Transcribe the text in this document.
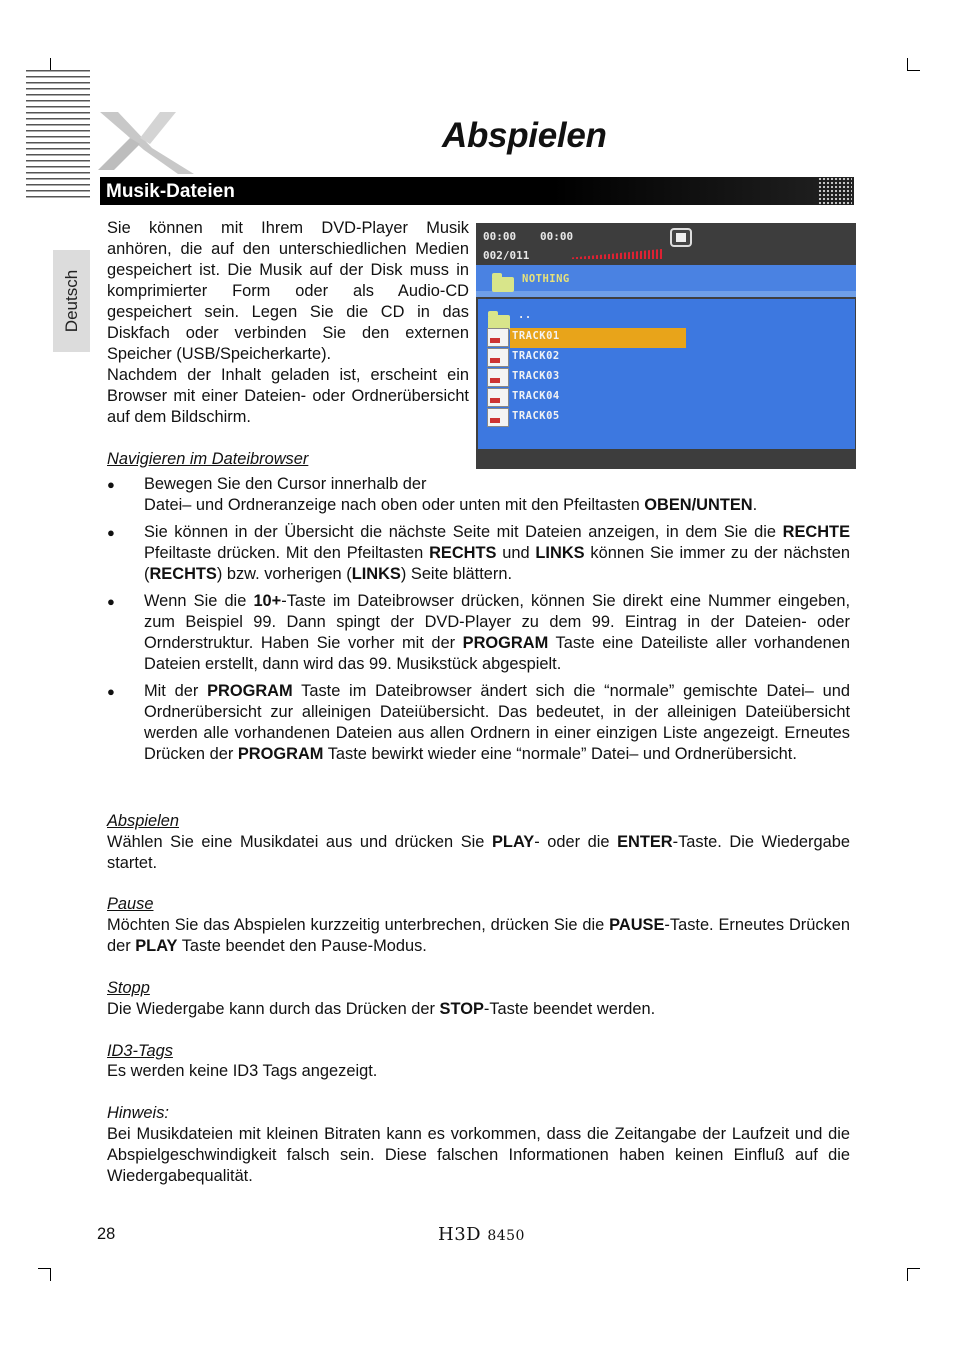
Abspielen
Musik-Dateien
Deutsch

Sie können mit Ihrem DVD-Player Musik anhören, die auf den unterschiedlichen Medien gespeichert ist. Die Musik auf der Disk muss in komprimierter Form oder als Audio-CD gespeichert sein. Legen Sie die CD in das Diskfach oder verbinden Sie den externen Speicher (USB/Speicherkarte).

Nachdem der Inhalt geladen ist, erscheint ein Browser mit einer Dateien- oder Ordnerübersicht auf dem Bildschirm.

00:00 00:00
002/011
NOTHING
..
TRACK01
TRACK02
TRACK03
TRACK04
TRACK05
Navigieren im Dateibrowser
● Bewegen Sie den Cursor innerhalb der
Datei– und Ordneranzeige nach oben oder unten mit den Pfeiltasten OBEN/UNTEN.
● Sie können in der Übersicht die nächste Seite mit Dateien anzeigen, in dem Sie die RECHTE Pfeiltaste drücken. Mit den Pfeiltasten RECHTS und LINKS können Sie immer zu der nächsten (RECHTS) bzw. vorherigen (LINKS) Seite blättern.
● Wenn Sie die 10+-Taste im Dateibrowser drücken, können Sie direkt eine Nummer eingeben, zum Beispiel 99. Dann spingt der DVD-Player zu dem 99. Eintrag in der Dateien- oder Ornderstruktur. Haben Sie vorher mit der PROGRAM Taste eine Dateiliste aller vorhandenen Dateien erstellt, dann wird das 99. Musikstück abgespielt.
● Mit der PROGRAM Taste im Dateibrowser ändert sich die “normale” gemischte Datei– und Ordnerübersicht zur alleinigen Dateiübersicht. Das bedeutet, in der alleinigen Dateiübersicht werden alle vorhandenen Dateien aus allen Ordnern in einer einzigen Liste angezeigt. Erneutes Drücken der PROGRAM Taste bewirkt wieder eine “normale” Datei– und Ordnerübersicht.
Abspielen

Wählen Sie eine Musikdatei aus und drücken Sie PLAY- oder die ENTER-Taste. Die Wiedergabe startet.

Pause

Möchten Sie das Abspielen kurzzeitig unterbrechen, drücken Sie die PAUSE-Taste. Erneutes Drücken der PLAY Taste beendet den Pause-Modus.

Stopp

Die Wiedergabe kann durch das Drücken der STOP-Taste beendet werden.

ID3-Tags

Es werden keine ID3 Tags angezeigt.

Hinweis:

Bei Musikdateien mit kleinen Bitraten kann es vorkommen, dass die Zeitangabe der Laufzeit und die Abspielgeschwindigkeit falsch sein. Diese falschen Informationen haben keinen Einfluß auf die Wiedergabequalität.

28	H3D 8450
